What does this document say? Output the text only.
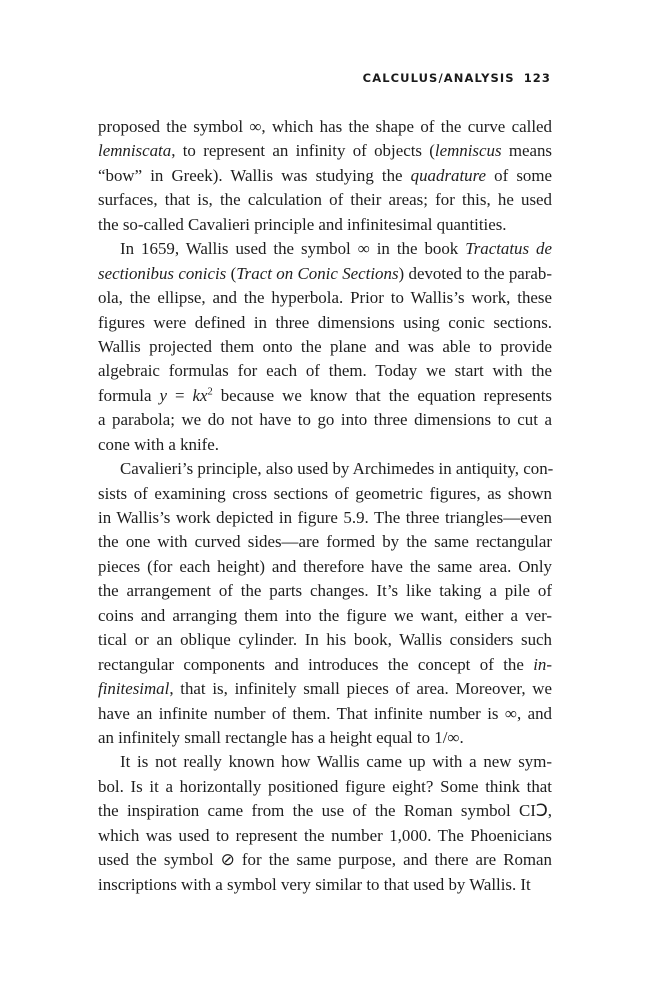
CALCULUS/ANALYSIS 123
proposed the symbol ∞, which has the shape of the curve called
lemniscata, to represent an infinity of objects (lemniscus means
“bow” in Greek). Wallis was studying the quadrature of some
surfaces, that is, the calculation of their areas; for this, he used
the so-called Cavalieri principle and infinitesimal quantities.
In 1659, Wallis used the symbol ∞ in the book Tractatus de
sectionibus conicis (Tract on Conic Sections) devoted to the parab-
ola, the ellipse, and the hyperbola. Prior to Wallis’s work, these
figures were defined in three dimensions using conic sections.
Wallis projected them onto the plane and was able to provide
algebraic formulas for each of them. Today we start with the
formula $y = kx^2$ because we know that the equation represents
a parabola; we do not have to go into three dimensions to cut a
cone with a knife.
Cavalieri’s principle, also used by Archimedes in antiquity, con-
sists of examining cross sections of geometric figures, as shown
in Wallis’s work depicted in figure 5.9. The three triangles—even
the one with curved sides—are formed by the same rectangular
pieces (for each height) and therefore have the same area. Only
the arrangement of the parts changes. It’s like taking a pile of
coins and arranging them into the figure we want, either a ver-
tical or an oblique cylinder. In his book, Wallis considers such
rectangular components and introduces the concept of the in-
finitesimal, that is, infinitely small pieces of area. Moreover, we
have an infinite number of them. That infinite number is ∞, and
an infinitely small rectangle has a height equal to 1/∞.
It is not really known how Wallis came up with a new sym-
bol. Is it a horizontally positioned figure eight? Some think that
the inspiration came from the use of the Roman symbol CIↃ,
which was used to represent the number 1,000. The Phoenicians
used the symbol ⊘ for the same purpose, and there are Roman
inscriptions with a symbol very similar to that used by Wallis. It
